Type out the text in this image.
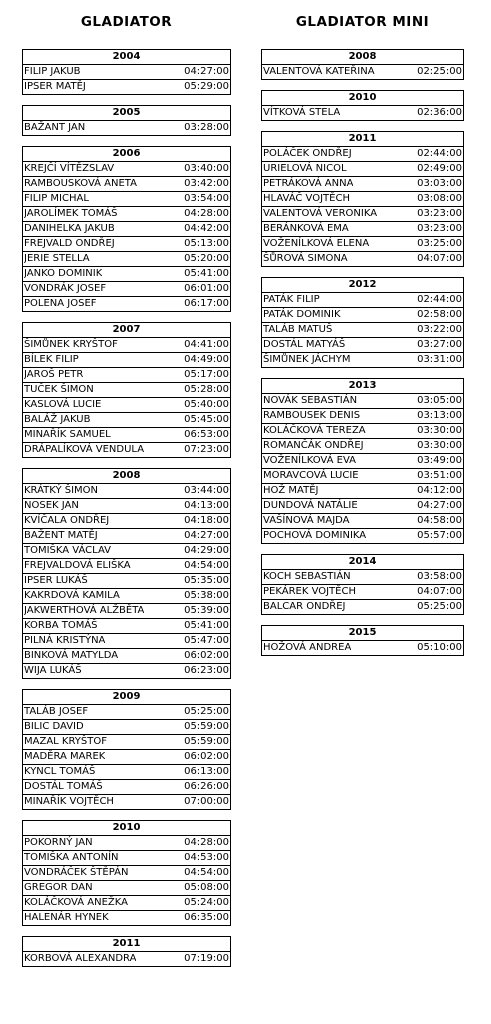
GLADIATOR
2004
FILIP JAKUB	04:27:00
IPSER MATĚJ	05:29:00
2005
BAŽANT JAN	03:28:00
2006
KREJČÍ VÍTĚZSLAV	03:40:00
RAMBOUSKOVÁ ANETA	03:42:00
FILIP MICHAL	03:54:00
JAROLÍMEK TOMÁŠ	04:28:00
DANIHELKA JAKUB	04:42:00
FREJVALD ONDŘEJ	05:13:00
JERIE STELLA	05:20:00
JANKO DOMINIK	05:41:00
VONDRÁK JOSEF	06:01:00
POLENA JOSEF	06:17:00
2007
ŠIMŮNEK KRYŠTOF	04:41:00
BÍLEK FILIP	04:49:00
JAROŠ PETR	05:17:00
TUČEK ŠIMON	05:28:00
KASLOVÁ LUCIE	05:40:00
BALÁŽ JAKUB	05:45:00
MINAŘÍK SAMUEL	06:53:00
DRÁPALÍKOVÁ VENDULA	07:23:00
2008
KRÁTKÝ ŠIMON	03:44:00
NOSEK JAN	04:13:00
KVÍČALA ONDŘEJ	04:18:00
BAŽENT MATĚJ	04:27:00
TOMIŠKA VÁCLAV	04:29:00
FREJVALDOVÁ ELIŠKA	04:54:00
IPSER LUKÁŠ	05:35:00
KAKRDOVÁ KAMILA	05:38:00
JAKWERTHOVÁ ALŽBĚTA	05:39:00
KORBA TOMÁŠ	05:41:00
PILNÁ KRISTÝNA	05:47:00
BINKOVÁ MATYLDA	06:02:00
WIJA LUKÁŠ	06:23:00
2009
TALÁB JOSEF	05:25:00
BILIC DAVID	05:59:00
MAZAL KRYŠTOF	05:59:00
MADĚRA MAREK	06:02:00
KYNCL TOMÁŠ	06:13:00
DOSTÁL TOMÁŠ	06:26:00
MINAŘÍK VOJTĚCH	07:00:00
2010
POKORNÝ JAN	04:28:00
TOMIŠKA ANTONÍN	04:53:00
VONDRÁČEK ŠTĚPÁN	04:54:00
GREGOR DAN	05:08:00
KOLÁČKOVÁ ANEŽKA	05:24:00
HALENÁR HYNEK	06:35:00
2011
KORBOVÁ ALEXANDRA	07:19:00
GLADIATOR MINI
2008
VALENTOVÁ KATEŘINA	02:25:00
2010
VÍTKOVÁ STELA	02:36:00
2011
POLÁČEK ONDŘEJ	02:44:00
URIELOVÁ NICOL	02:49:00
PETRÁKOVÁ ANNA	03:03:00
HLAVÁČ VOJTĚCH	03:08:00
VALENTOVÁ VERONIKA	03:23:00
BERÁNKOVÁ EMA	03:23:00
VOŽENÍLKOVÁ ELENA	03:25:00
ŠŮROVÁ SIMONA	04:07:00
2012
PATÁK FILIP	02:44:00
PATÁK DOMINIK	02:58:00
TALÁB MATUŠ	03:22:00
DOSTÁL MATYÁŠ	03:27:00
ŠIMŮNEK JÁCHYM	03:31:00
2013
NOVÁK SEBASTIÁN	03:05:00
RAMBOUSEK DENIS	03:13:00
KOLÁČKOVÁ TEREZA	03:30:00
ROMANČÁK ONDŘEJ	03:30:00
VOŽENÍLKOVÁ EVA	03:49:00
MORAVCOVÁ LUCIE	03:51:00
HOŽ MATĚJ	04:12:00
DUNDOVÁ NATÁLIE	04:27:00
VAŠÍNOVÁ MAJDA	04:58:00
POCHOVÁ DOMINIKA	05:57:00
2014
KOCH SEBASTIÁN	03:58:00
PEKÁREK VOJTĚCH	04:07:00
BALCAR ONDŘEJ	05:25:00
2015
HOŽOVÁ ANDREA	05:10:00
